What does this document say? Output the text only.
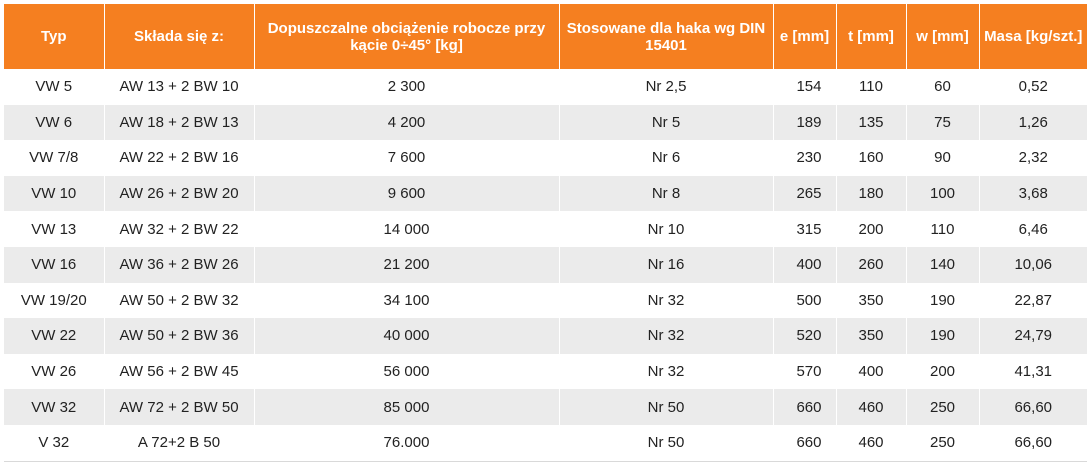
Typ	Składa się z:	Dopuszczalne obciążenie robocze przy kącie 0÷45° [kg]	Stosowane dla haka wg DIN 15401	e [mm]	t [mm]	w [mm]	Masa [kg/szt.]
VW 5	AW 13 + 2 BW 10	2 300	Nr 2,5	154	110	60	0,52
VW 6	AW 18 + 2 BW 13	4 200	Nr 5	189	135	75	1,26
VW 7/8	AW 22 + 2 BW 16	7 600	Nr 6	230	160	90	2,32
VW 10	AW 26 + 2 BW 20	9 600	Nr 8	265	180	100	3,68
VW 13	AW 32 + 2 BW 22	14 000	Nr 10	315	200	110	6,46
VW 16	AW 36 + 2 BW 26	21 200	Nr 16	400	260	140	10,06
VW 19/20	AW 50 + 2 BW 32	34 100	Nr 32	500	350	190	22,87
VW 22	AW 50 + 2 BW 36	40 000	Nr 32	520	350	190	24,79
VW 26	AW 56 + 2 BW 45	56 000	Nr 32	570	400	200	41,31
VW 32	AW 72 + 2 BW 50	85 000	Nr 50	660	460	250	66,60
V 32	A 72+2 B 50	76.000	Nr 50	660	460	250	66,60
